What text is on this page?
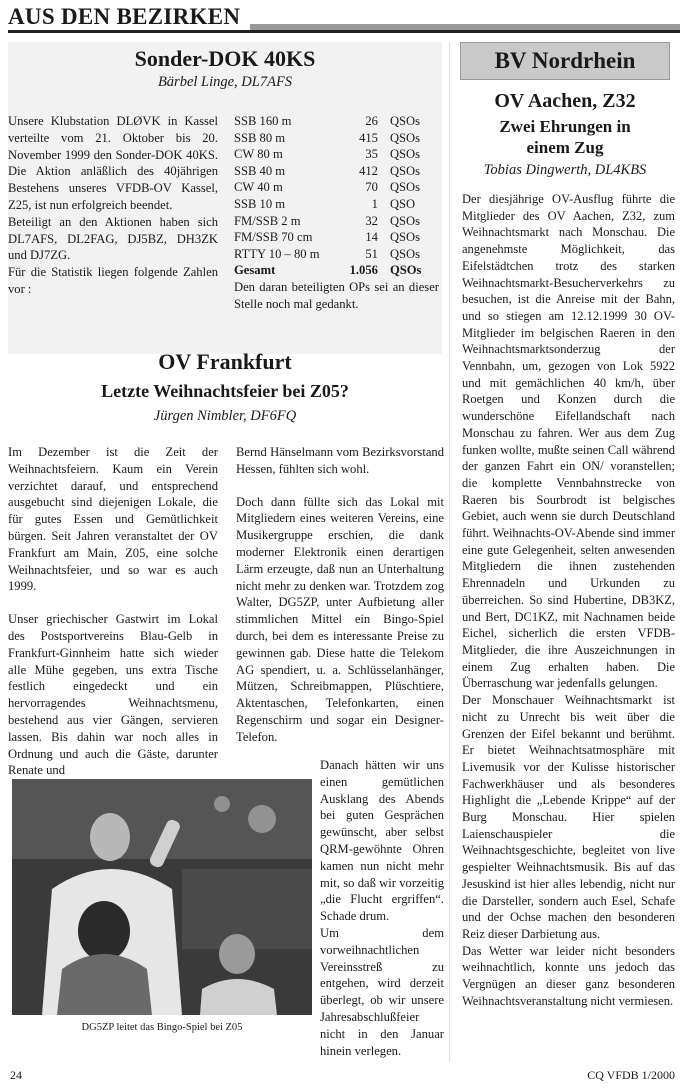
AUS DEN BEZIRKEN
Sonder-DOK 40KS
Bärbel Linge, DL7AFS

Unsere Klubstation DLØVK in Kassel verteilte vom 21. Oktober bis 20. November 1999 den Sonder-DOK 40KS. Die Aktion anläßlich des 40jährigen Bestehens unseres VFDB-OV Kassel, Z25, ist nun erfolgreich beendet.

Beteiligt an den Aktionen haben sich DL7AFS, DL2FAG, DJ5BZ, DH3ZK und DJ7ZG.

Für die Statistik liegen folgende Zahlen vor :

SSB 160 m	26	QSOs
SSB 80 m	415	QSOs
CW 80 m	35	QSOs
SSB 40 m	412	QSOs
CW 40 m	70	QSOs
SSB 10 m	1	QSO
FM/SSB 2 m	32	QSOs
FM/SSB 70 cm	14	QSOs
RTTY 10 – 80 m	51	QSOs
Gesamt	1.056	QSOs
Den daran beteiligten OPs sei an dieser Stelle noch mal gedankt.
OV Frankfurt
Letzte Weihnachtsfeier bei Z05?
Jürgen Nimbler, DF6FQ

Im Dezember ist die Zeit der Weihnachtsfeiern. Kaum ein Verein verzichtet darauf, und entsprechend ausgebucht sind diejenigen Lokale, die für gutes Essen und Gemütlichkeit bürgen. Seit Jahren veranstaltet der OV Frankfurt am Main, Z05, eine solche Weihnachtsfeier, und so war es auch 1999.

Unser griechischer Gastwirt im Lokal des Postsportvereins Blau-Gelb in Frankfurt-Ginnheim hatte sich wieder alle Mühe gegeben, uns extra Tische festlich eingedeckt und ein hervorragendes Weihnachtsmenu, bestehend aus vier Gängen, servieren lassen. Bis dahin war noch alles in Ordnung und auch die Gäste, darunter Renate und

Bernd Hänselmann vom Bezirksvorstand Hessen, fühlten sich wohl.

Doch dann füllte sich das Lokal mit Mitgliedern eines weiteren Vereins, eine Musikergruppe erschien, die dank moderner Elektronik einen derartigen Lärm erzeugte, daß nun an Unterhaltung nicht mehr zu denken war. Trotzdem zog Walter, DG5ZP, unter Aufbietung aller stimmlichen Mittel ein Bingo-Spiel durch, bei dem es interessante Preise zu gewinnen gab. Diese hatte die Telekom AG spendiert, u. a. Schlüsselanhänger, Mützen, Schreibmappen, Plüschtiere, Aktentaschen, Telefonkarten, einen Regenschirm und sogar ein Designer-Telefon.

DG5ZP leitet das Bingo-Spiel bei Z05

Danach hätten wir uns einen gemütlichen Ausklang des Abends bei guten Gesprächen gewünscht, aber selbst QRM-gewöhnte Ohren kamen nun nicht mehr mit, so daß wir vorzeitig „die Flucht ergriffen“. Schade drum.

Um dem vorweihnachtlichen Vereinsstreß zu entgehen, wird derzeit überlegt, ob wir unsere Jahresabschlußfeier nicht in den Januar hinein verlegen.

BV Nordrhein
OV Aachen, Z32
Zwei Ehrungen in einem Zug
Tobias Dingwerth, DL4KBS

Der diesjährige OV-Ausflug führte die Mitglieder des OV Aachen, Z32, zum Weihnachtsmarkt nach Monschau. Die angenehmste Möglichkeit, das Eifelstädtchen trotz des starken Weihnachtsmarkt-Besucherverkehrs zu besuchen, ist die Anreise mit der Bahn, und so stiegen am 12.12.1999 30 OV-Mitglieder im belgischen Raeren in den Weihnachtsmarktsonderzug der Vennbahn, um, gezogen von Lok 5922 und mit gemächlichen 40 km/h, über Roetgen und Konzen durch die wunderschöne Eifellandschaft nach Monschau zu fahren. Wer aus dem Zug funken wollte, mußte seinen Call während der ganzen Fahrt ein ON/ voranstellen; die komplette Vennbahnstrecke von Raeren bis Sourbrodt ist belgisches Gebiet, auch wenn sie durch Deutschland führt. Weihnachts-OV-Abende sind immer eine gute Gelegenheit, selten anwesenden Mitgliedern die ihnen zustehenden Ehrennadeln und Urkunden zu überreichen. So sind Hubertine, DB3KZ, und Bert, DC1KZ, mit Nachnamen beide Eichel, sicherlich die ersten VFDB-Mitglieder, die ihre Auszeichnungen in einem Zug erhalten haben. Die Überraschung war jedenfalls gelungen.

Der Monschauer Weihnachtsmarkt ist nicht zu Unrecht bis weit über die Grenzen der Eifel bekannt und berühmt. Er bietet Weihnachtsatmosphäre mit Livemusik vor der Kulisse historischer Fachwerkhäuser und als besonderes Highlight die „Lebende Krippe“ auf der Burg Monschau. Hier spielen Laienschauspieler die Weihnachtsgeschichte, begleitet von live gespielter Weihnachtsmusik. Bis auf das Jesuskind ist hier alles lebendig, nicht nur die Darsteller, sondern auch Esel, Schafe und der Ochse machen den besonderen Reiz dieser Darbietung aus.

Das Wetter war leider nicht besonders weihnachtlich, konnte uns jedoch das Vergnügen an dieser ganz besonderen Weihnachtsveranstaltung nicht vermiesen.

24	CQ VFDB 1/2000
